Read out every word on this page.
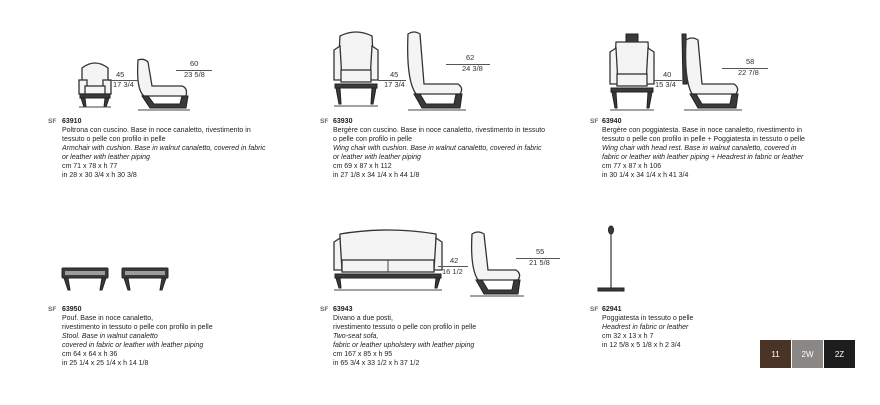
45
17 3/4
60
23 5/8
SF 63910

Poltrona con cuscino. Base in noce canaletto, rivestimento in

tessuto o pelle con profilo in pelle

Armchair with cushion. Base in walnut canaletto, covered in fabric

or leather with leather piping

cm 71 x 78 x h 77

in 28 x 30 3/4 x h 30 3/8

45
17 3/4
62
24 3/8
SF 63930

Bergère con cuscino. Base in noce canaletto, rivestimento in tessuto

o pelle con profilo in pelle

Wing chair with cushion. Base in walnut canaletto, covered in fabric

or leather with leather piping

cm 69 x 87 x h 112

in 27 1/8 x 34 1/4 x h 44 1/8

40
15 3/4
58
22 7/8
SF 63940

Bergère con poggiatesta. Base in noce canaletto, rivestimento in

tessuto o pelle con profilo in pelle + Poggiatesta in tessuto o pelle

Wing chair with head rest. Base in walnut canaletto, covered in

fabric or leather with leather piping + Headrest in fabric or leather

cm 77 x 87 x h 106

in 30 1/4 x 34 1/4 x h 41 3/4

SF 63950

Pouf. Base in noce canaletto,

rivestimento in tessuto o pelle con profilo in pelle

Stool. Base in walnut canaletto

covered in fabric or leather with leather piping

cm 64 x 64 x h 36

in 25 1/4 x 25 1/4 x h 14 1/8

42
16 1/2
55
21 5/8
SF 63943

Divano a due posti,

rivestimento tessuto o pelle con profilo in pelle

Two-seat sofa,

fabric or leather upholstery with leather piping

cm 167 x 85 x h 95

in 65 3/4 x 33 1/2 x h 37 1/2

SF 62941

Poggiatesta in tessuto o pelle

Headrest in fabric or leather

cm 32 x 13 x h 7

in 12 5/8 x 5 1/8 x h 2 3/4

11	2W	2Z
